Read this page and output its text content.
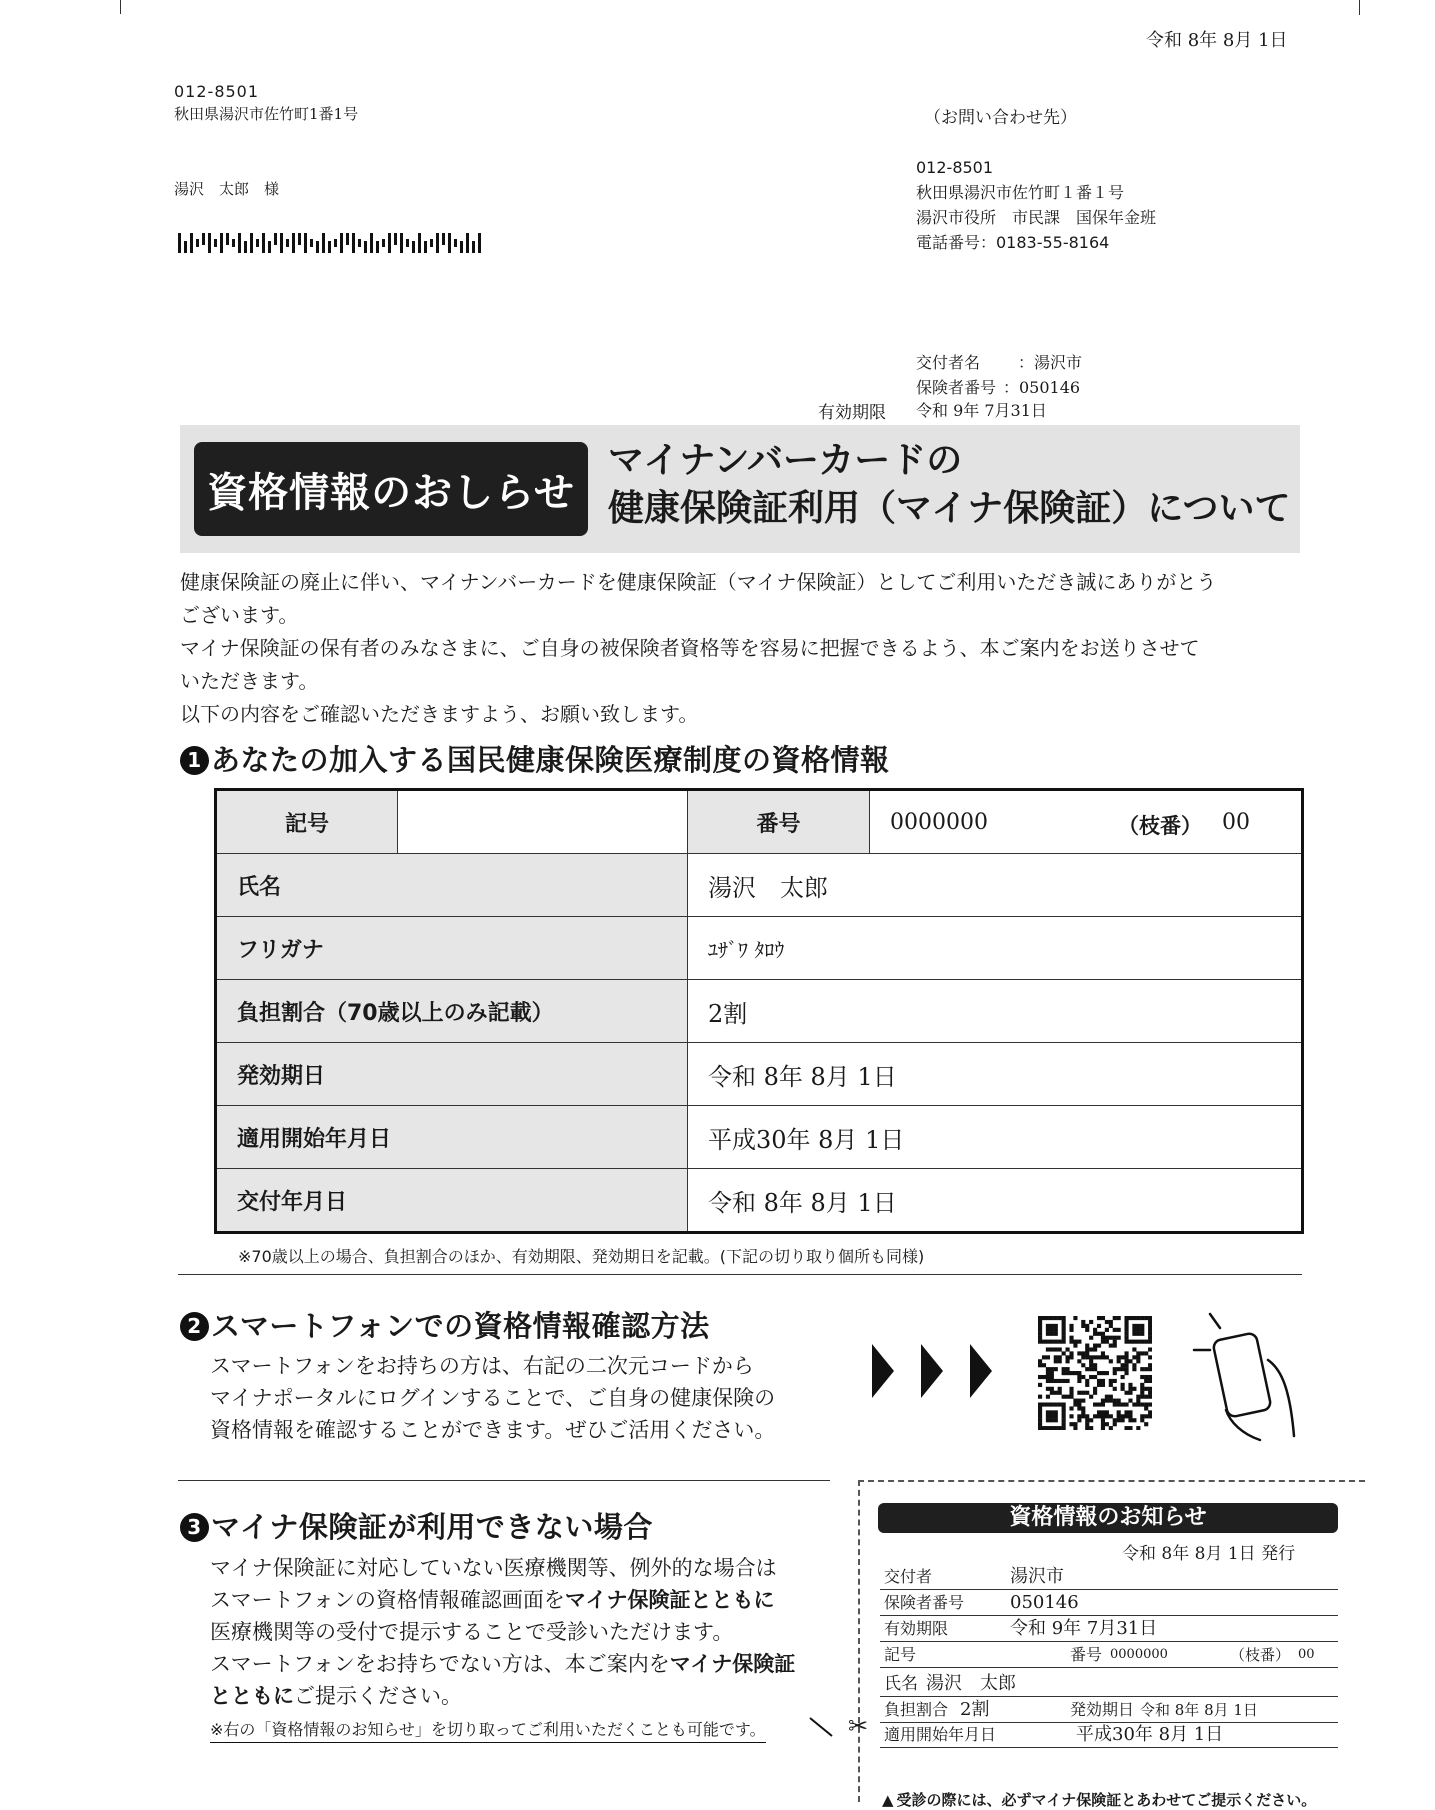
令和 8年 8月 1日
012-8501
秋田県湯沢市佐竹町1番1号
湯沢　太郎　様
（お問い合わせ先）
012-8501
秋田県湯沢市佐竹町１番１号
湯沢市役所　市民課　国保年金班
電話番号：0183-55-8164
交付者名 ：湯沢市
保険者番号 ：050146
有効期限 令和 9年 7月31日
資格情報のおしらせ
マイナンバーカードの
健康保険証利用（マイナ保険証）について

健康保険証の廃止に伴い、マイナンバーカードを健康保険証（マイナ保険証）としてご利用いただき誠にありがとう

ございます。

マイナ保険証の保有者のみなさまに、ご自身の被保険者資格等を容易に把握できるよう、本ご案内をお送りさせて

いただきます。

以下の内容をご確認いただきますよう、お願い致します。

1 あなたの加入する国民健康保険医療制度の資格情報
記号		番号	0000000 （枝番） 00

氏名		湯沢　太郎	
フリガナ		ﾕｻﾞﾜ ﾀﾛｳ	
負担割合（70歳以上のみ記載）		2割	
発効期日		令和 8年 8月 1日	
適用開始年月日		平成30年 8月 1日	
交付年月日		令和 8年 8月 1日	
※70歳以上の場合、負担割合のほか、有効期限、発効期日を記載。(下記の切り取り個所も同様)
2 スマートフォンでの資格情報確認方法

スマートフォンをお持ちの方は、右記の二次元コードから

マイナポータルにログインすることで、ご自身の健康保険の

資格情報を確認することができます。ぜひご活用ください。

3 マイナ保険証が利用できない場合

マイナ保険証に対応していない医療機関等、例外的な場合は

スマートフォンの資格情報確認画面をマイナ保険証とともに

医療機関等の受付で提示することで受診いただけます。

スマートフォンをお持ちでない方は、本ご案内をマイナ保険証

とともにご提示ください。

※右の「資格情報のお知らせ」を切り取ってご利用いただくことも可能です。	✂
資格情報のお知らせ
令和 8年 8月 1日 発行
交付者	湯沢市
保険者番号	050146
有効期限	令和 9年 7月31日
記号	番号 0000000	（枝番） 00
氏名 湯沢　太郎
負担割合 2割	発効期日 令和 8年 8月 1日
適用開始年月日	平成30年 8月 1日
▲  受診の際には、必ずマイナ保険証とあわせてご提示ください。
